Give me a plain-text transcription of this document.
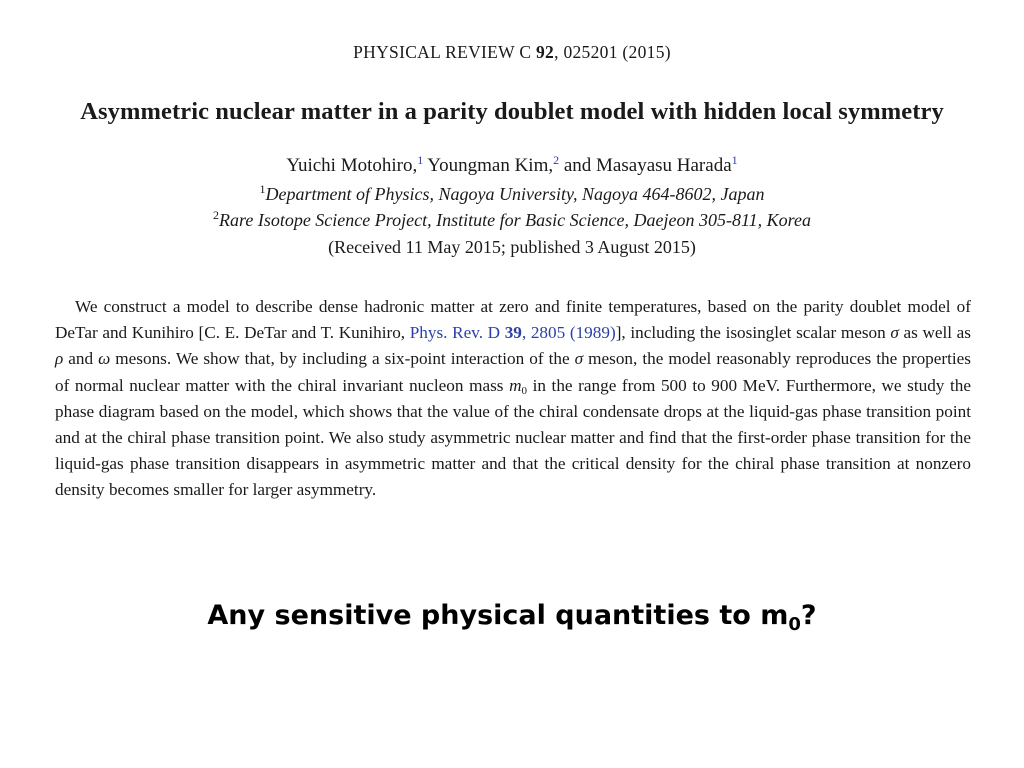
PHYSICAL REVIEW C 92, 025201 (2015)
Asymmetric nuclear matter in a parity doublet model with hidden local symmetry
Yuichi Motohiro,$^1$ Youngman Kim,$^2$ and Masayasu Harada$^1$
$^1$Department of Physics, Nagoya University, Nagoya 464-8602, Japan
$^2$Rare Isotope Science Project, Institute for Basic Science, Daejeon 305-811, Korea
(Received 11 May 2015; published 3 August 2015)
We construct a model to describe dense hadronic matter at zero and finite temperatures, based on the parity doublet model of DeTar and Kunihiro [C. E. DeTar and T. Kunihiro, Phys. Rev. D 39, 2805 (1989)], including the isosinglet scalar meson σ as well as ρ and ω mesons. We show that, by including a six-point interaction of the σ meson, the model reasonably reproduces the properties of normal nuclear matter with the chiral invariant nucleon mass $m_0$ in the range from 500 to 900 MeV. Furthermore, we study the phase diagram based on the model, which shows that the value of the chiral condensate drops at the liquid-gas phase transition point and at the chiral phase transition point. We also study asymmetric nuclear matter and find that the first-order phase transition for the liquid-gas phase transition disappears in asymmetric matter and that the critical density for the chiral phase transition at nonzero density becomes smaller for larger asymmetry.
Any sensitive physical quantities to $m_0$?
